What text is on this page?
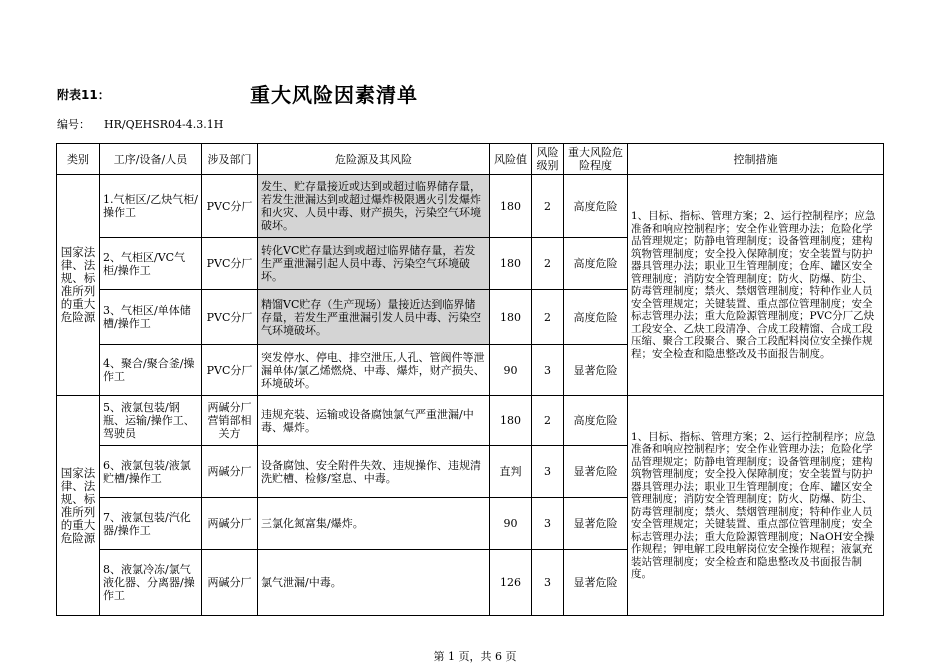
附表11：	重大风险因素清单
编号： HR/QEHSR04-4.3.1H
类别	工序/设备/人员	涉及部门	危险源及其风险	风险值	风险级别	重大风险危险程度	控制措施
国家法律、法规、标准所列的重大危险源	1.气柜区/乙炔气柜/操作工	PVC分厂	发生、贮存量接近或达到或超过临界储存量，若发生泄漏达到或超过爆炸极限遇火引发爆炸和火灾、人员中毒、财产损失，污染空气环境破坏。	180	2	高度危险	1、目标、指标、管理方案；2、运行控制程序；应急准备和响应控制程序；安全作业管理办法；危险化学品管理规定；防静电管理制度；设备管理制度；建构筑物管理制度；安全投入保障制度；安全装置与防护器具管理办法；职业卫生管理制度；仓库、罐区安全管理制度；消防安全管理制度；防火、防爆、防尘、防毒管理制度；禁火、禁烟管理制度；特种作业人员安全管理规定；关键装置、重点部位管理制度；安全标志管理办法；重大危险源管理制度；PVC分厂乙炔工段安全、乙炔工段清净、合成工段精馏、合成工段压缩、聚合工段聚合、聚合工段配料岗位安全操作规程；安全检查和隐患整改及书面报告制度。
	2、气柜区/VC气柜/操作工	PVC分厂	转化VC贮存量达到或超过临界储存量，若发生严重泄漏引起人员中毒、污染空气环境破坏。	180	2	高度危险	
	3、气柜区/单体储槽/操作工	PVC分厂	精馏VC贮存（生产现场）量接近达到临界储存量，若发生严重泄漏引发人员中毒、污染空气环境破坏。	180	2	高度危险	
	4、聚合/聚合釜/操作工	PVC分厂	突发停水、停电、排空泄压,人孔、管阀件等泄漏单体/氯乙烯燃烧、中毒、爆炸，财产损失、环境破坏。	90	3	显著危险	
国家法律、法规、标准所列的重大危险源	5、液氯包装/钢瓶、运输/操作工、驾驶员	两碱分厂营销部相关方	违规充装、运输或设备腐蚀氯气严重泄漏/中毒、爆炸。	180	2	高度危险	1、目标、指标、管理方案；2、运行控制程序；应急准备和响应控制程序；安全作业管理办法；危险化学品管理规定；防静电管理制度；设备管理制度；建构筑物管理制度；安全投入保障制度；安全装置与防护器具管理办法；职业卫生管理制度；仓库、罐区安全管理制度；消防安全管理制度；防火、防爆、防尘、防毒管理制度；禁火、禁烟管理制度；特种作业人员安全管理规定；关键装置、重点部位管理制度；安全标志管理办法；重大危险源管理制度；NaOH安全操作规程；钾电解工段电解岗位安全操作规程；液氯充装站管理制度；安全检查和隐患整改及书面报告制度。
	6、液氯包装/液氯贮槽/操作工	两碱分厂	设备腐蚀、安全附件失效、违规操作、违规清洗贮槽、检修/窒息、中毒。	直判	3	显著危险	
	7、液氯包装/汽化器/操作工	两碱分厂	三氯化氮富集/爆炸。	90	3	显著危险	
	8、液氯冷冻/氯气液化器、分离器/操作工	两碱分厂	氯气泄漏/中毒。	126	3	显著危险	
第 1 页，共 6 页
